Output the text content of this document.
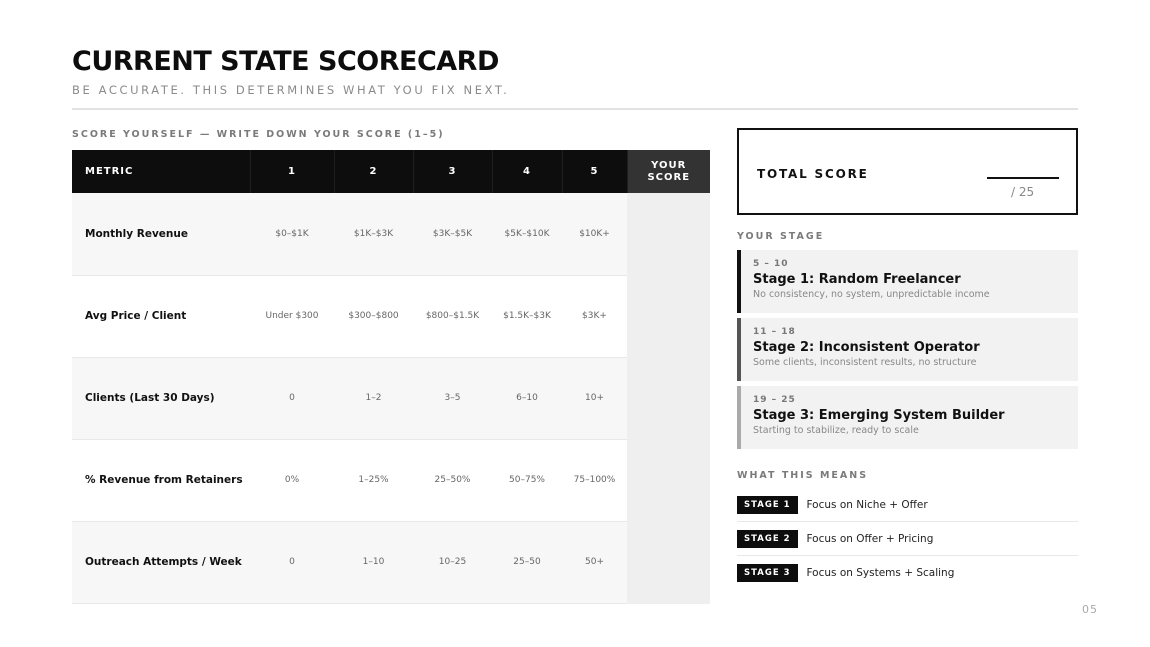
CURRENT STATE SCORECARD
BE ACCURATE. THIS DETERMINES WHAT YOU FIX NEXT.
SCORE YOURSELF — WRITE DOWN YOUR SCORE (1–5)
METRIC	1	2	3	4	5	YOUR
SCORE
Monthly Revenue	$0–$1K	$1K–$3K	$3K–$5K	$5K–$10K	$10K+	
Avg Price / Client	Under $300	$300–$800	$800–$1.5K	$1.5K–$3K	$3K+	
Clients (Last 30 Days)	0	1–2	3–5	6–10	10+	
% Revenue from Retainers	0%	1–25%	25–50%	50–75%	75–100%	
Outreach Attempts / Week	0	1–10	10–25	25–50	50+	
TOTAL SCORE
/ 25
YOUR STAGE
5 – 10
Stage 1: Random Freelancer
No consistency, no system, unpredictable income
11 – 18
Stage 2: Inconsistent Operator
Some clients, inconsistent results, no structure
19 – 25
Stage 3: Emerging System Builder
Starting to stabilize, ready to scale
WHAT THIS MEANS
STAGE 1	Focus on Niche + Offer
STAGE 2	Focus on Offer + Pricing
STAGE 3	Focus on Systems + Scaling
05
